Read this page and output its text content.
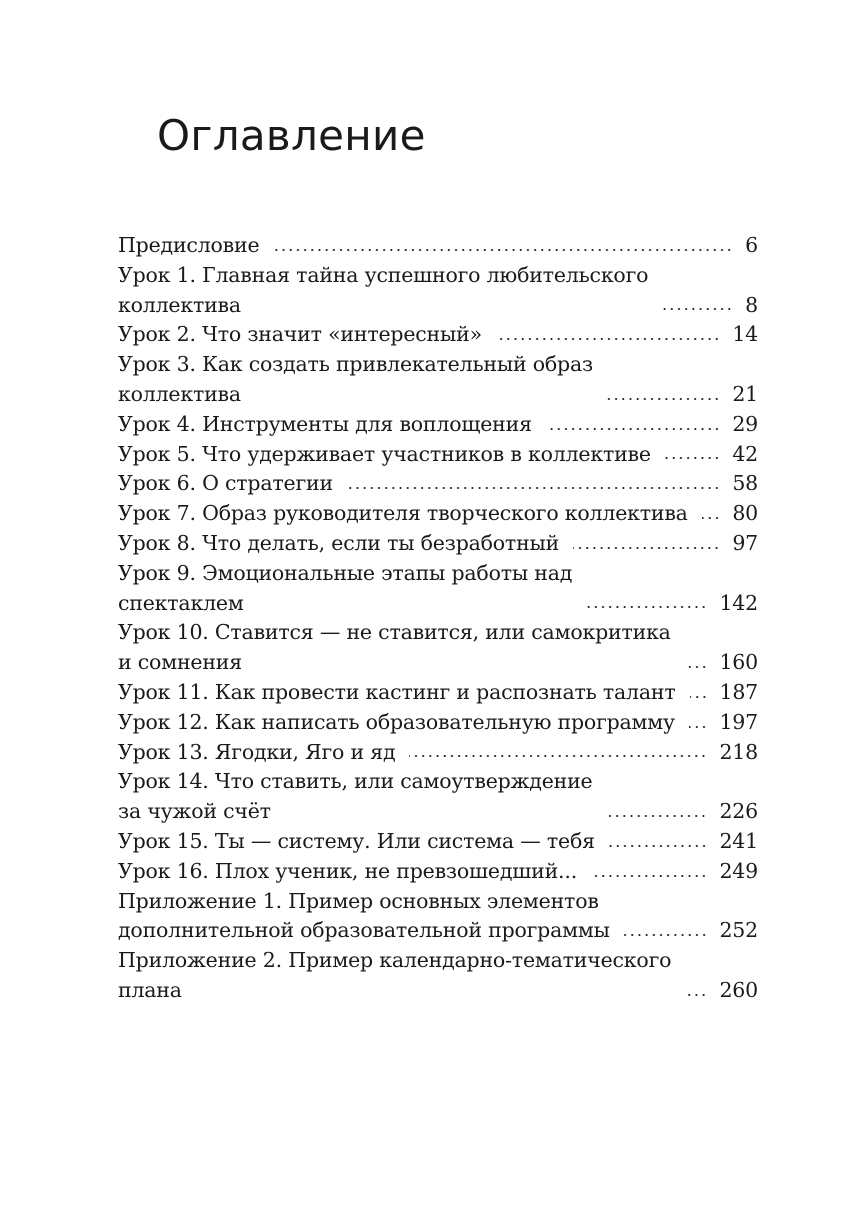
Оглавление
Предисловие	6
Урок 1. Главная тайна успешного любительского
коллектива	8
Урок 2. Что значит «интересный»	14
Урок 3. Как создать привлекательный образ
коллектива	21
Урок 4. Инструменты для воплощения	29
Урок 5. Что удерживает участников в коллективе	42
Урок 6. О стратегии	58
Урок 7. Образ руководителя творческого коллектива 80
Урок 8. Что делать, если ты безработный	97
Урок 9. Эмоциональные этапы работы над
спектаклем	142
Урок 10. Ставится — не ставится, или самокритика
и сомнения	160
Урок 11. Как провести кастинг и распознать талант 187
Урок 12. Как написать образовательную программу 197
Урок 13. Ягодки, Яго и яд	218
Урок 14. Что ставить, или самоутверждение
за чужой счёт	226
Урок 15. Ты — систему. Или система — тебя	241
Урок 16. Плох ученик, не превзошедший...	249
Приложение 1. Пример основных элементов
дополнительной образовательной программы	252
Приложение 2. Пример календарно-тематического
плана	260
